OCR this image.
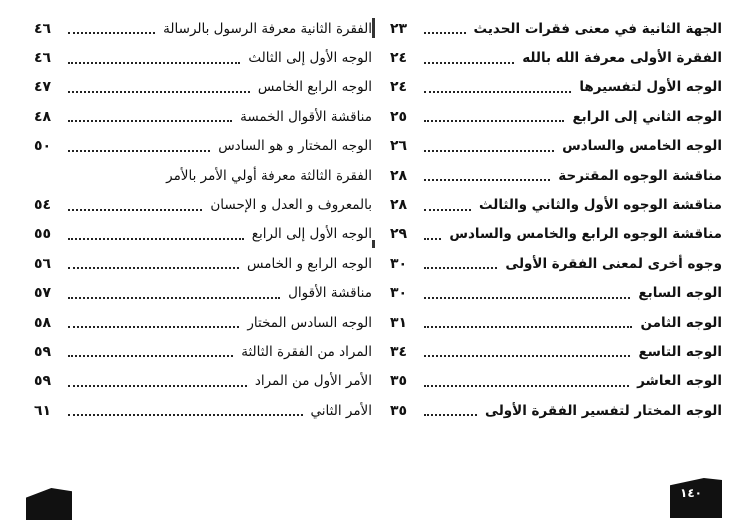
الجهة الثانية في معنى فقرات الحديث
٢٣
الفقرة الأولى معرفة الله بالله
٢٤
الوجه الأول لتفسيرها
٢٤
الوجه الثاني إلى الرابع
٢٥
الوجه الخامس والسادس
٢٦
مناقشة الوجوه المقترحة
٢٨
مناقشة الوجوه الأول والثاني والثالث
٢٨
مناقشة الوجوه الرابع والخامس والسادس
٢٩
وجوه أخرى لمعنى الفقرة الأولى
٣٠
الوجه السابع
٣٠
الوجه الثامن
٣١
الوجه التاسع
٣٤
الوجه العاشر
٣٥
الوجه المختار لتفسير الفقرة الأولى
٣٥
الفقرة الثانية معرفة الرسول بالرسالة
٤٦
الوجه الأول إلى الثالث
٤٦
الوجه الرابع الخامس
٤٧
مناقشة الأقوال الخمسة
٤٨
الوجه المختار و هو السادس
٥٠
الفقرة الثالثة معرفة أولي الأمر بالأمر
بالمعروف و العدل و الإحسان
٥٤
الوجه الأول إلى الرابع
٥٥
الوجه الرابع و الخامس
٥٦
مناقشة الأقوال
٥٧
الوجه السادس المختار
٥٨
المراد من الفقرة الثالثة
٥٩
الأمر الأول من المراد
٥٩
الأمر الثاني
٦١
١٤٠
